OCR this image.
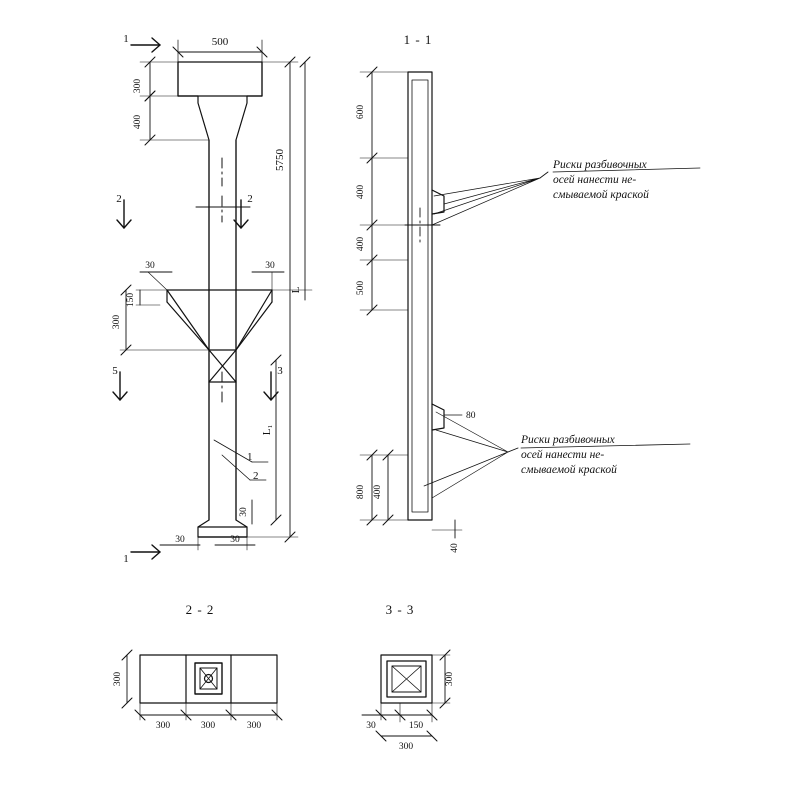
500
300
400
5750
L
L₁
30	30
150
300
30	30
30
1
1
2	2
5	3
1
2
1 - 1
600
400
400
500
800 400
80
40
Риски разбивочных
осей нанести не-
смываемой краской
Риски разбивочных
осей нанести не-
смываемой краской
2 - 2
300
300	300	300
3 - 3
300
30	150
300
